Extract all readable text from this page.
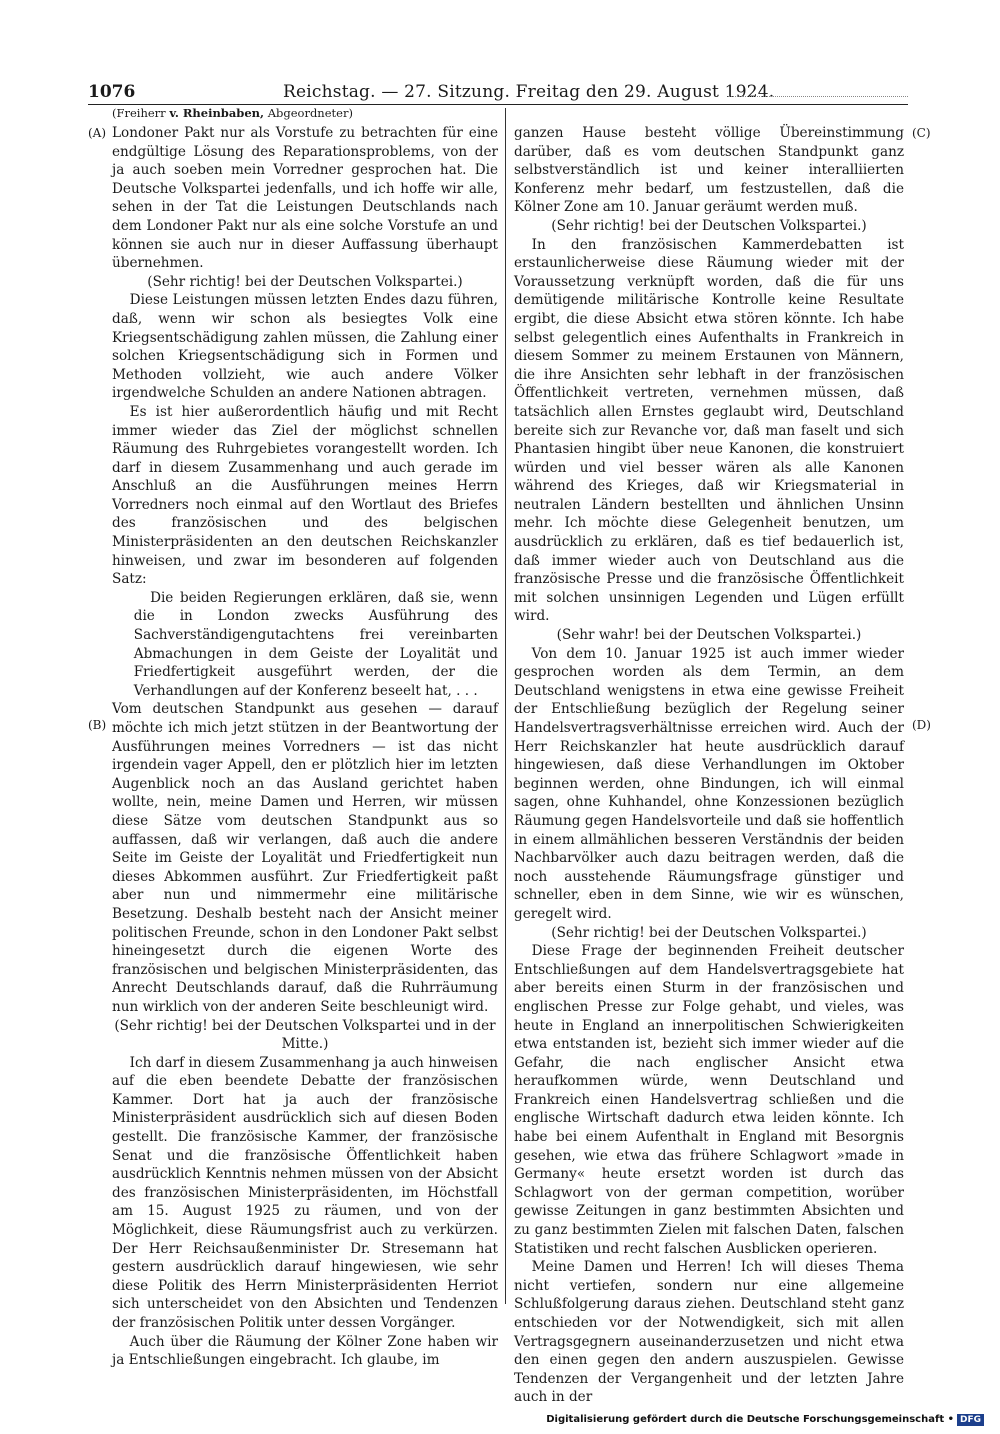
1076	Reichstag. — 27. Sitzung. Freitag den 29. August 1924.
(Freiherr v. Rheinbaben, Abgeordneter)
(A)
(B)
(C)
(D)

Londoner Pakt nur als Vorstufe zu betrachten für eine endgültige Lösung des Reparationsproblems, von der ja auch soeben mein Vorredner gesprochen hat. Die Deutsche Volkspartei jedenfalls, und ich hoffe wir alle, sehen in der Tat die Leistungen Deutschlands nach dem Londoner Pakt nur als eine solche Vorstufe an und können sie auch nur in dieser Auffassung überhaupt übernehmen.

(Sehr richtig! bei der Deutschen Volkspartei.)

Diese Leistungen müssen letzten Endes dazu führen, daß, wenn wir schon als besiegtes Volk eine Kriegsentschädigung zahlen müssen, die Zahlung einer solchen Kriegsentschädigung sich in Formen und Methoden vollzieht, wie auch andere Völker irgendwelche Schulden an andere Nationen abtragen.

Es ist hier außerordentlich häufig und mit Recht immer wieder das Ziel der möglichst schnellen Räumung des Ruhrgebietes vorangestellt worden. Ich darf in diesem Zusammenhang und auch gerade im Anschluß an die Ausführungen meines Herrn Vorredners noch einmal auf den Wortlaut des Briefes des französischen und des belgischen Ministerpräsidenten an den deutschen Reichskanzler hinweisen, und zwar im besonderen auf folgenden Satz:

Die beiden Regierungen erklären, daß sie, wenn die in London zwecks Ausführung des Sachverständigengutachtens frei vereinbarten Abmachungen in dem Geiste der Loyalität und Friedfertigkeit ausgeführt werden, der die Verhandlungen auf der Konferenz beseelt hat, . . .

Vom deutschen Standpunkt aus gesehen — darauf möchte ich mich jetzt stützen in der Beantwortung der Ausführungen meines Vorredners — ist das nicht irgendein vager Appell, den er plötzlich hier im letzten Augenblick noch an das Ausland gerichtet haben wollte, nein, meine Damen und Herren, wir müssen diese Sätze vom deutschen Standpunkt aus so auffassen, daß wir verlangen, daß auch die andere Seite im Geiste der Loyalität und Friedfertigkeit nun dieses Abkommen ausführt. Zur Friedfertigkeit paßt aber nun und nimmermehr eine militärische Besetzung. Deshalb besteht nach der Ansicht meiner politischen Freunde, schon in den Londoner Pakt selbst hineingesetzt durch die eigenen Worte des französischen und belgischen Ministerpräsidenten, das Anrecht Deutschlands darauf, daß die Ruhrräumung nun wirklich von der anderen Seite beschleunigt wird.

(Sehr richtig! bei der Deutschen Volkspartei und in der Mitte.)

Ich darf in diesem Zusammenhang ja auch hinweisen auf die eben beendete Debatte der französischen Kammer. Dort hat ja auch der französische Ministerpräsident ausdrücklich sich auf diesen Boden gestellt. Die französische Kammer, der französische Senat und die französische Öffentlichkeit haben ausdrücklich Kenntnis nehmen müssen von der Absicht des französischen Ministerpräsidenten, im Höchstfall am 15. August 1925 zu räumen, und von der Möglichkeit, diese Räumungsfrist auch zu verkürzen. Der Herr Reichsaußenminister Dr. Stresemann hat gestern ausdrücklich darauf hingewiesen, wie sehr diese Politik des Herrn Ministerpräsidenten Herriot sich unterscheidet von den Absichten und Tendenzen der französischen Politik unter dessen Vorgänger.

Auch über die Räumung der Kölner Zone haben wir ja Entschließungen eingebracht. Ich glaube, im

ganzen Hause besteht völlige Übereinstimmung darüber, daß es vom deutschen Standpunkt ganz selbstverständlich ist und keiner interalliierten Konferenz mehr bedarf, um festzustellen, daß die Kölner Zone am 10. Januar geräumt werden muß.

(Sehr richtig! bei der Deutschen Volkspartei.)

In den französischen Kammerdebatten ist erstaunlicherweise diese Räumung wieder mit der Voraussetzung verknüpft worden, daß die für uns demütigende militärische Kontrolle keine Resultate ergibt, die diese Absicht etwa stören könnte. Ich habe selbst gelegentlich eines Aufenthalts in Frankreich in diesem Sommer zu meinem Erstaunen von Männern, die ihre Ansichten sehr lebhaft in der französischen Öffentlichkeit vertreten, vernehmen müssen, daß tatsächlich allen Ernstes geglaubt wird, Deutschland bereite sich zur Revanche vor, daß man faselt und sich Phantasien hingibt über neue Kanonen, die konstruiert würden und viel besser wären als alle Kanonen während des Krieges, daß wir Kriegsmaterial in neutralen Ländern bestellten und ähnlichen Unsinn mehr. Ich möchte diese Gelegenheit benutzen, um ausdrücklich zu erklären, daß es tief bedauerlich ist, daß immer wieder auch von Deutschland aus die französische Presse und die französische Öffentlichkeit mit solchen unsinnigen Legenden und Lügen erfüllt wird.

(Sehr wahr! bei der Deutschen Volkspartei.)

Von dem 10. Januar 1925 ist auch immer wieder gesprochen worden als dem Termin, an dem Deutschland wenigstens in etwa eine gewisse Freiheit der Entschließung bezüglich der Regelung seiner Handelsvertragsverhältnisse erreichen wird. Auch der Herr Reichskanzler hat heute ausdrücklich darauf hingewiesen, daß diese Verhandlungen im Oktober beginnen werden, ohne Bindungen, ich will einmal sagen, ohne Kuhhandel, ohne Konzessionen bezüglich Räumung gegen Handelsvorteile und daß sie hoffentlich in einem allmählichen besseren Verständnis der beiden Nachbarvölker auch dazu beitragen werden, daß die noch ausstehende Räumungsfrage günstiger und schneller, eben in dem Sinne, wie wir es wünschen, geregelt wird.

(Sehr richtig! bei der Deutschen Volkspartei.)

Diese Frage der beginnenden Freiheit deutscher Entschließungen auf dem Handelsvertragsgebiete hat aber bereits einen Sturm in der französischen und englischen Presse zur Folge gehabt, und vieles, was heute in England an innerpolitischen Schwierigkeiten etwa entstanden ist, bezieht sich immer wieder auf die Gefahr, die nach englischer Ansicht etwa heraufkommen würde, wenn Deutschland und Frankreich einen Handelsvertrag schließen und die englische Wirtschaft dadurch etwa leiden könnte. Ich habe bei einem Aufenthalt in England mit Besorgnis gesehen, wie etwa das frühere Schlagwort »made in Germany« heute ersetzt worden ist durch das Schlagwort von der german competition, worüber gewisse Zeitungen in ganz bestimmten Absichten und zu ganz bestimmten Zielen mit falschen Daten, falschen Statistiken und recht falschen Ausblicken operieren.

Meine Damen und Herren! Ich will dieses Thema nicht vertiefen, sondern nur eine allgemeine Schlußfolgerung daraus ziehen. Deutschland steht ganz entschieden vor der Notwendigkeit, sich mit allen Vertragsgegnern auseinanderzusetzen und nicht etwa den einen gegen den andern auszuspielen. Gewisse Tendenzen der Vergangenheit und der letzten Jahre auch in der

Digitalisierung gefördert durch die Deutsche Forschungsgemeinschaft • DFG
